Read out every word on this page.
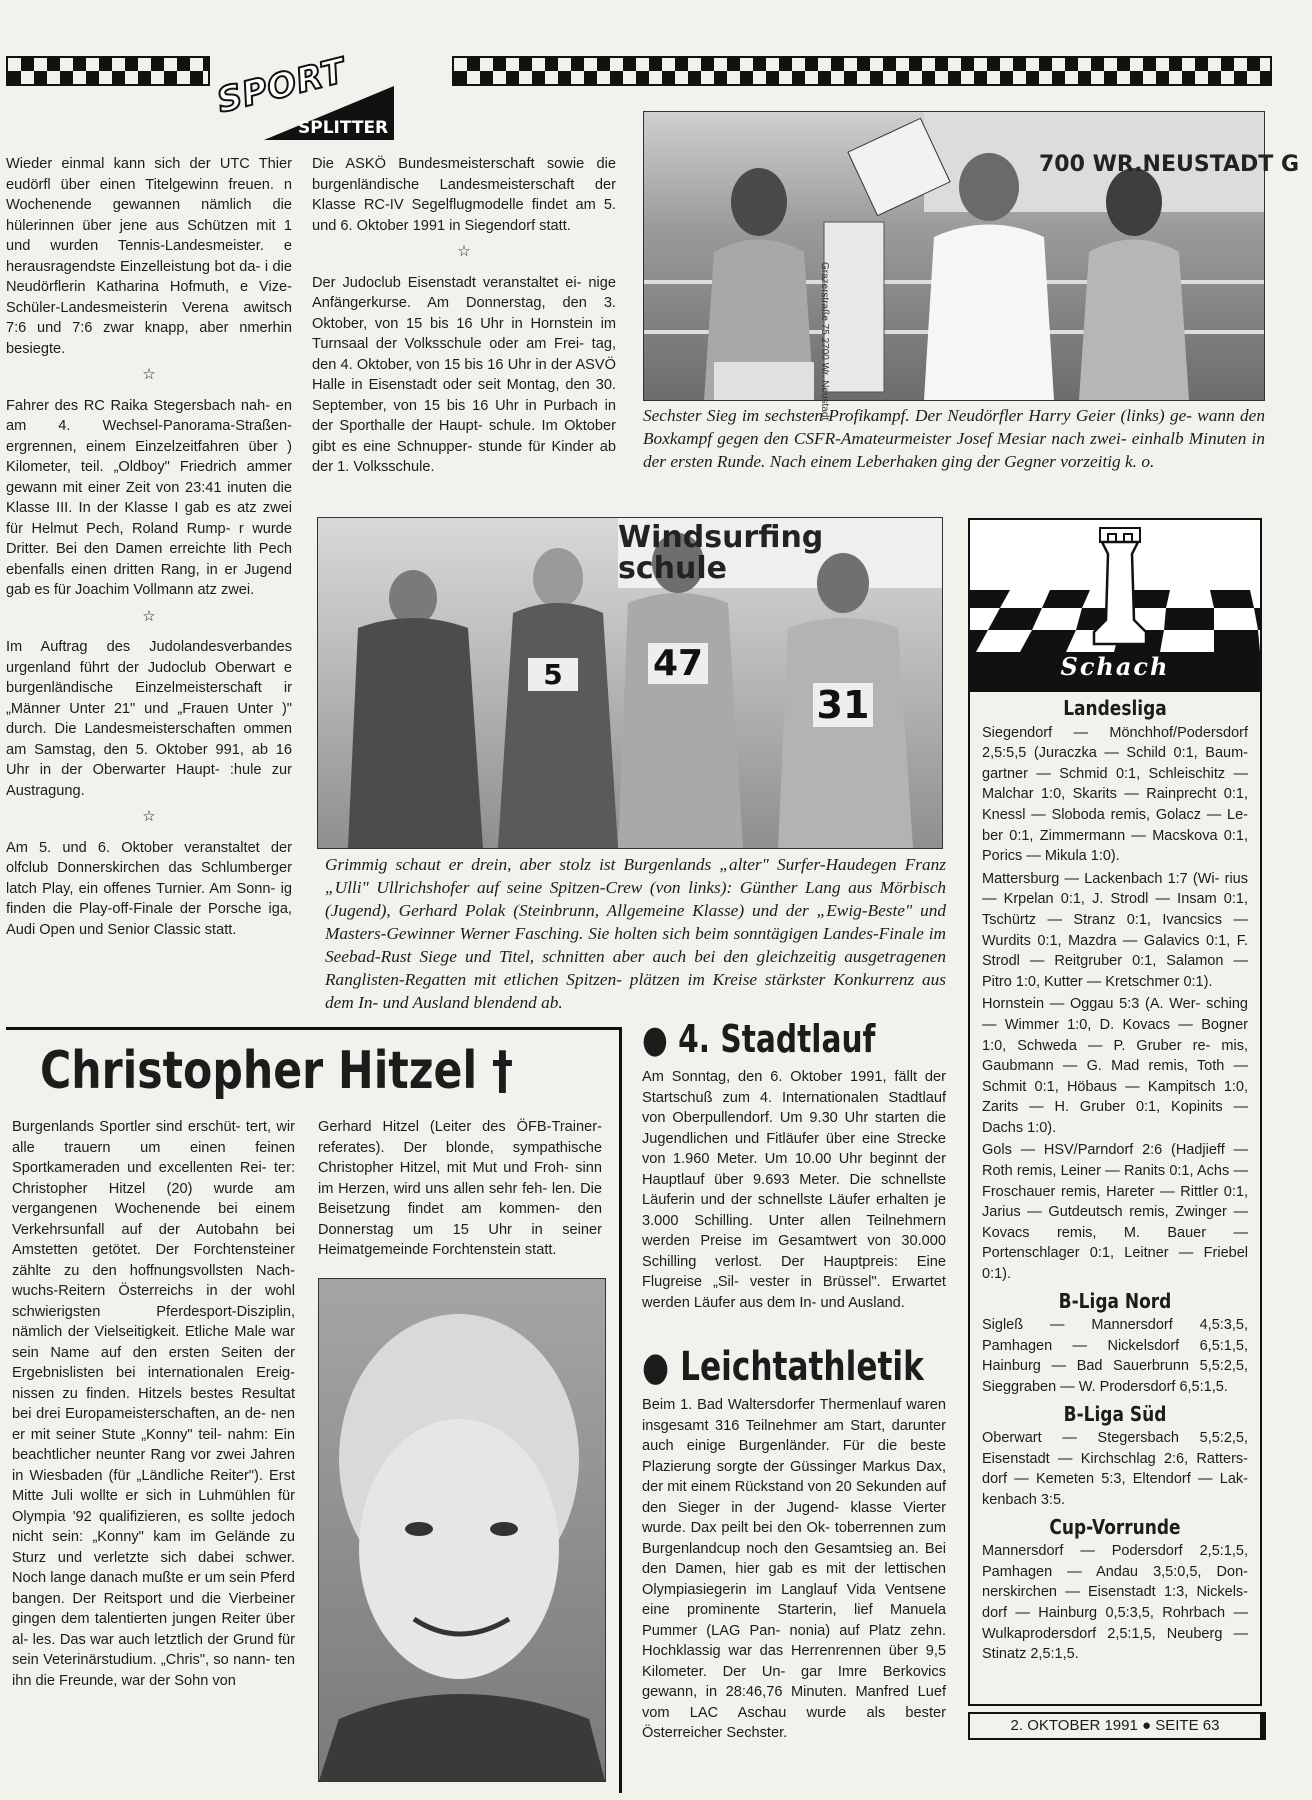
SPORT
SPLITTER

Wieder einmal kann sich der UTC Thier eudörfl über einen Titelgewinn freuen. n Wochenende gewannen nämlich die hülerinnen über jene aus Schützen mit 1 und wurden Tennis-Landesmeister. e herausragendste Einzelleistung bot da- i die Neudörflerin Katharina Hofmuth, e Vize-Schüler-Landesmeisterin Verena awitsch 7:6 und 7:6 zwar knapp, aber nmerhin besiegte.

☆

Fahrer des RC Raika Stegersbach nah- en am 4. Wechsel-Panorama-Straßen- ergrennen, einem Einzelzeitfahren über ) Kilometer, teil. „Oldboy" Friedrich ammer gewann mit einer Zeit von 23:41 inuten die Klasse III. In der Klasse I gab es atz zwei für Helmut Pech, Roland Rump- r wurde Dritter. Bei den Damen erreichte lith Pech ebenfalls einen dritten Rang, in er Jugend gab es für Joachim Vollmann atz zwei.

☆

Im Auftrag des Judolandesverbandes urgenland führt der Judoclub Oberwart e burgenländische Einzelmeisterschaft ir „Männer Unter 21" und „Frauen Unter )" durch. Die Landesmeisterschaften ommen am Samstag, den 5. Oktober 991, ab 16 Uhr in der Oberwarter Haupt- :hule zur Austragung.

☆

Am 5. und 6. Oktober veranstaltet der olfclub Donnerskirchen das Schlumberger latch Play, ein offenes Turnier. Am Sonn- ig finden die Play-off-Finale der Porsche iga, Audi Open und Senior Classic statt.

Die ASKÖ Bundesmeisterschaft sowie die burgenländische Landesmeisterschaft der Klasse RC-IV Segelflugmodelle findet am 5. und 6. Oktober 1991 in Siegendorf statt.

☆

Der Judoclub Eisenstadt veranstaltet ei- nige Anfängerkurse. Am Donnerstag, den 3. Oktober, von 15 bis 16 Uhr in Hornstein im Turnsaal der Volksschule oder am Frei- tag, den 4. Oktober, von 15 bis 16 Uhr in der ASVÖ Halle in Eisenstadt oder seit Montag, den 30. September, von 15 bis 16 Uhr in Purbach in der Sporthalle der Haupt- schule. Im Oktober gibt es eine Schnupper- stunde für Kinder ab der 1. Volksschule.

700 WR.NEUSTADT G
Grazerstraße 75 2700 Wr. Neustadt
Sechster Sieg im sechsten Profikampf. Der Neudörfler Harry Geier (links) ge- wann den Boxkampf gegen den CSFR-Amateurmeister Josef Mesiar nach zwei- einhalb Minuten in der ersten Runde. Nach einem Leberhaken ging der Gegner vorzeitig k. o.
Windsurfing schule
5	47
31
Grimmig schaut er drein, aber stolz ist Burgenlands „alter" Surfer-Haudegen Franz „Ulli" Ullrichshofer auf seine Spitzen-Crew (von links): Günther Lang aus Mörbisch (Jugend), Gerhard Polak (Steinbrunn, Allgemeine Klasse) und der „Ewig-Beste" und Masters-Gewinner Werner Fasching. Sie holten sich beim sonntägigen Landes-Finale im Seebad-Rust Siege und Titel, schnitten aber auch bei den gleichzeitig ausgetragenen Ranglisten-Regatten mit etlichen Spitzen- plätzen im Kreise stärkster Konkurrenz aus dem In- und Ausland blendend ab.
Schach
Landesliga

Siegendorf — Mönchhof/Podersdorf 2,5:5,5 (Juraczka — Schild 0:1, Baum- gartner — Schmid 0:1, Schleischitz — Malchar 1:0, Skarits — Rainprecht 0:1, Knessl — Sloboda remis, Golacz — Le- ber 0:1, Zimmermann — Macskova 0:1, Porics — Mikula 1:0).

Mattersburg — Lackenbach 1:7 (Wi- rius — Krpelan 0:1, J. Strodl — Insam 0:1, Tschürtz — Stranz 0:1, Ivancsics — Wurdits 0:1, Mazdra — Galavics 0:1, F. Strodl — Reitgruber 0:1, Salamon — Pitro 1:0, Kutter — Kretschmer 0:1).

Hornstein — Oggau 5:3 (A. Wer- sching — Wimmer 1:0, D. Kovacs — Bogner 1:0, Schweda — P. Gruber re- mis, Gaubmann — G. Mad remis, Toth — Schmit 0:1, Höbaus — Kampitsch 1:0, Zarits — H. Gruber 0:1, Kopinits — Dachs 1:0).

Gols — HSV/Parndorf 2:6 (Hadjieff — Roth remis, Leiner — Ranits 0:1, Achs — Froschauer remis, Hareter — Rittler 0:1, Jarius — Gutdeutsch remis, Zwinger — Kovacs remis, M. Bauer — Portenschlager 0:1, Leitner — Friebel 0:1).

B-Liga Nord

Sigleß — Mannersdorf 4,5:3,5, Pamhagen — Nickelsdorf 6,5:1,5, Hainburg — Bad Sauerbrunn 5,5:2,5, Sieggraben — W. Prodersdorf 6,5:1,5.

B-Liga Süd

Oberwart — Stegersbach 5,5:2,5, Eisenstadt — Kirchschlag 2:6, Ratters- dorf — Kemeten 5:3, Eltendorf — Lak- kenbach 3:5.

Cup-Vorrunde

Mannersdorf — Podersdorf 2,5:1,5, Pamhagen — Andau 3,5:0,5, Don- nerskirchen — Eisenstadt 1:3, Nickels- dorf — Hainburg 0,5:3,5, Rohrbach — Wulkaprodersdorf 2,5:1,5, Neuberg — Stinatz 2,5:1,5.

2. OKTOBER 1991 ● SEITE 63
Christopher Hitzel †
Burgenlands Sportler sind erschüt- tert, wir alle trauern um einen feinen Sportkameraden und excellenten Rei- ter: Christopher Hitzel (20) wurde am vergangenen Wochenende bei einem Verkehrsunfall auf der Autobahn bei Amstetten getötet. Der Forchtensteiner zählte zu den hoffnungsvollsten Nach- wuchs-Reitern Österreichs in der wohl schwierigsten Pferdesport-Disziplin, nämlich der Vielseitigkeit. Etliche Male war sein Name auf den ersten Seiten der Ergebnislisten bei internationalen Ereig- nissen zu finden. Hitzels bestes Resultat bei drei Europameisterschaften, an de- nen er mit seiner Stute „Konny" teil- nahm: Ein beachtlicher neunter Rang vor zwei Jahren in Wiesbaden (für „Ländliche Reiter"). Erst Mitte Juli wollte er sich in Luhmühlen für Olympia '92 qualifizieren, es sollte jedoch nicht sein: „Konny" kam im Gelände zu Sturz und verletzte sich dabei schwer. Noch lange danach mußte er um sein Pferd bangen. Der Reitsport und die Vierbeiner gingen dem talentierten jungen Reiter über al- les. Das war auch letztlich der Grund für sein Veterinärstudium. „Chris", so nann- ten ihn die Freunde, war der Sohn von
Gerhard Hitzel (Leiter des ÖFB-Trainer- referates). Der blonde, sympathische Christopher Hitzel, mit Mut und Froh- sinn im Herzen, wird uns allen sehr feh- len. Die Beisetzung findet am kommen- den Donnerstag um 15 Uhr in seiner Heimatgemeinde Forchtenstein statt.
● 4. Stadtlauf
Am Sonntag, den 6. Oktober 1991, fällt der Startschuß zum 4. Internationalen Stadtlauf von Oberpullendorf. Um 9.30 Uhr starten die Jugendlichen und Fitläufer über eine Strecke von 1.960 Meter. Um 10.00 Uhr beginnt der Hauptlauf über 9.693 Meter. Die schnellste Läuferin und der schnellste Läufer erhalten je 3.000 Schilling. Unter allen Teilnehmern werden Preise im Gesamtwert von 30.000 Schilling verlost. Der Hauptpreis: Eine Flugreise „Sil- vester in Brüssel". Erwartet werden Läufer aus dem In- und Ausland.
● Leichtathletik
Beim 1. Bad Waltersdorfer Thermenlauf waren insgesamt 316 Teilnehmer am Start, darunter auch einige Burgenländer. Für die beste Plazierung sorgte der Güssinger Markus Dax, der mit einem Rückstand von 20 Sekunden auf den Sieger in der Jugend- klasse Vierter wurde. Dax peilt bei den Ok- toberrennen zum Burgenlandcup noch den Gesamtsieg an. Bei den Damen, hier gab es mit der lettischen Olympiasiegerin im Langlauf Vida Ventsene eine prominente Starterin, lief Manuela Pummer (LAG Pan- nonia) auf Platz zehn. Hochklassig war das Herrenrennen über 9,5 Kilometer. Der Un- gar Imre Berkovics gewann, in 28:46,76 Minuten. Manfred Luef vom LAC Aschau wurde als bester Österreicher Sechster.
